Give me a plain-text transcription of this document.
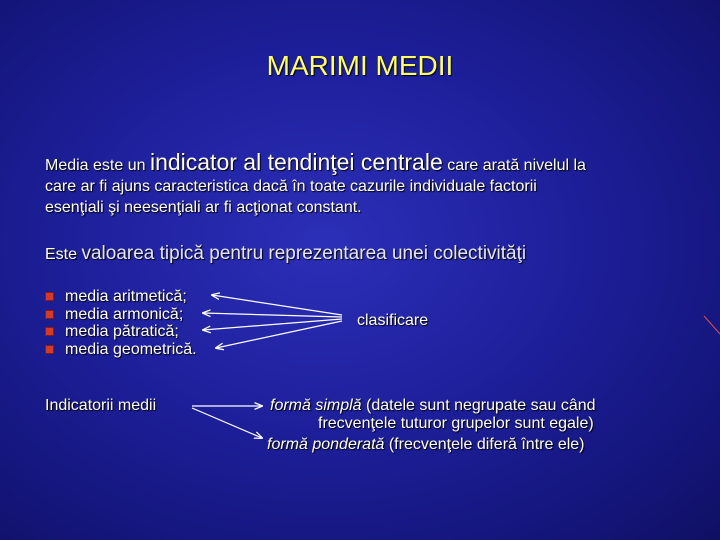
MARIMI MEDII
Media este un indicator al tendinţei centrale care arată nivelul la
care ar fi ajuns caracteristica dacă în toate cazurile individuale factorii
esenţiali şi neesenţiali ar fi acţionat constant.
Este valoarea tipică pentru reprezentarea unei colectivităţi
media aritmetică;
media armonică;
media pătratică;
media geometrică.
clasificare
Indicatorii medii	formă simplă (datele sunt negrupate sau când
frecvenţele tuturor grupelor sunt egale)
formă ponderată (frecvenţele diferă între ele)
